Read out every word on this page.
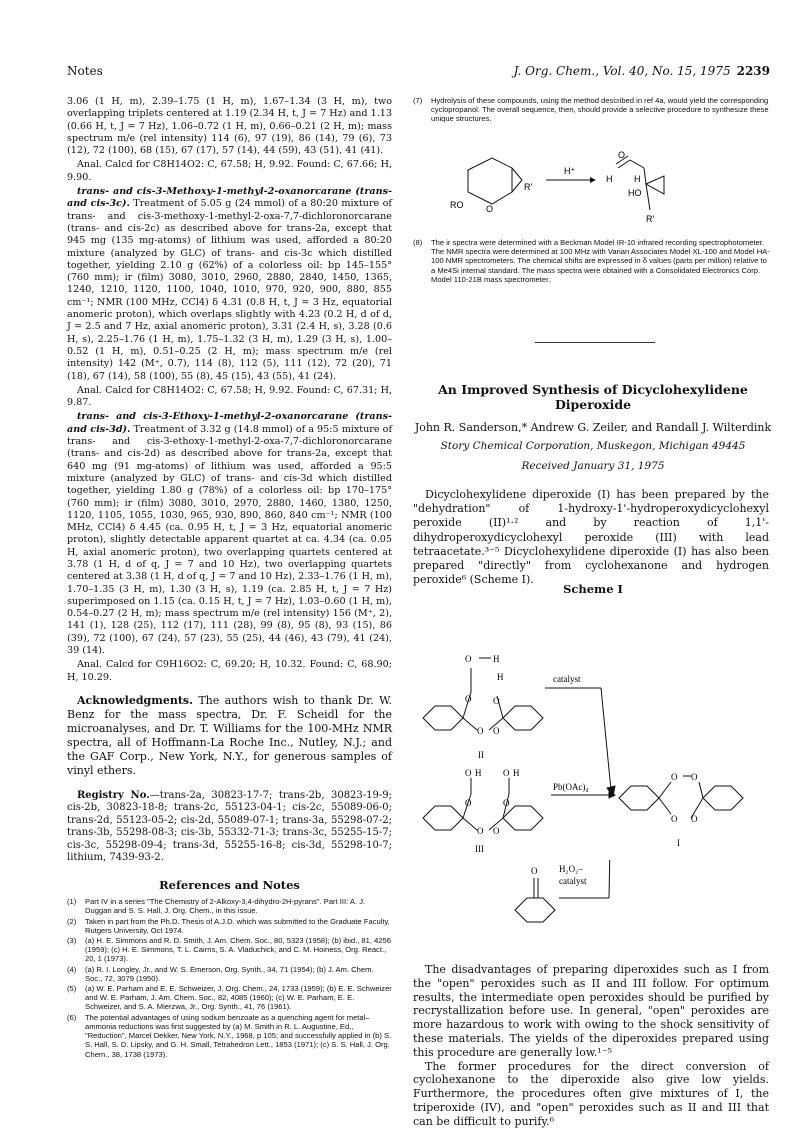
Notes	J. Org. Chem., Vol. 40, No. 15, 1975 2239

3.06 (1 H, m), 2.39–1.75 (1 H, m), 1.67–1.34 (3 H, m), two overlapping triplets centered at 1.19 (2.34 H, t, J = 7 Hz) and 1.13 (0.66 H, t, J = 7 Hz), 1.06–0.72 (1 H, m), 0.66–0.21 (2 H, m); mass spectrum m/e (rel intensity) 114 (6), 97 (19), 86 (14), 79 (6), 73 (12), 72 (100), 68 (15), 67 (17), 57 (14), 44 (59), 43 (51), 41 (41).

Anal. Calcd for C8H14O2: C, 67.58; H, 9.92. Found: C, 67.66; H, 9.90.

trans- and cis-3-Methoxy-1-methyl-2-oxanorcarane (trans- and cis-3c). Treatment of 5.05 g (24 mmol) of a 80:20 mixture of trans- and cis-3-methoxy-1-methyl-2-oxa-7,7-dichloronorcarane (trans- and cis-2c) as described above for trans-2a, except that 945 mg (135 mg-atoms) of lithium was used, afforded a 80:20 mixture (analyzed by GLC) of trans- and cis-3c which distilled together, yielding 2.10 g (62%) of a colorless oil: bp 145–155° (760 mm); ir (film) 3080, 3010, 2960, 2880, 2840, 1450, 1365, 1240, 1210, 1120, 1100, 1040, 1010, 970, 920, 900, 880, 855 cm⁻¹; NMR (100 MHz, CCl4) δ 4.31 (0.8 H, t, J = 3 Hz, equatorial anomeric proton), which overlaps slightly with 4.23 (0.2 H, d of d, J = 2.5 and 7 Hz, axial anomeric proton), 3.31 (2.4 H, s), 3.28 (0.6 H, s), 2.25–1.76 (1 H, m), 1.75–1.32 (3 H, m), 1.29 (3 H, s), 1.00–0.52 (1 H, m), 0.51–0.25 (2 H, m); mass spectrum m/e (rel intensity) 142 (M⁺, 0.7), 114 (8), 112 (5), 111 (12), 72 (20), 71 (18), 67 (14), 58 (100), 55 (8), 45 (15), 43 (55), 41 (24).

Anal. Calcd for C8H14O2: C, 67.58; H, 9.92. Found: C, 67.31; H, 9.87.

trans- and cis-3-Ethoxy-1-methyl-2-oxanorcarane (trans- and cis-3d). Treatment of 3.32 g (14.8 mmol) of a 95:5 mixture of trans- and cis-3-ethoxy-1-methyl-2-oxa-7,7-dichloronorcarane (trans- and cis-2d) as described above for trans-2a, except that 640 mg (91 mg-atoms) of lithium was used, afforded a 95:5 mixture (analyzed by GLC) of trans- and cis-3d which distilled together, yielding 1.80 g (78%) of a colorless oil: bp 170–175° (760 mm); ir (film) 3080, 3010, 2970, 2880, 1460, 1380, 1250, 1120, 1105, 1055, 1030, 965, 930, 890, 860, 840 cm⁻¹; NMR (100 MHz, CCl4) δ 4.45 (ca. 0.95 H, t, J = 3 Hz, equatorial anomeric proton), slightly detectable apparent quartet at ca. 4.34 (ca. 0.05 H, axial anomeric proton), two overlapping quartets centered at 3.78 (1 H, d of q, J = 7 and 10 Hz), two overlapping quartets centered at 3.38 (1 H, d of q, J = 7 and 10 Hz), 2.33–1.76 (1 H, m), 1.70–1.35 (3 H, m), 1.30 (3 H, s), 1.19 (ca. 2.85 H, t, J = 7 Hz) superimposed on 1.15 (ca. 0.15 H, t, J = 7 Hz), 1.03–0.60 (1 H, m), 0.54–0.27 (2 H, m); mass spectrum m/e (rel intensity) 156 (M⁺, 2), 141 (1), 128 (25), 112 (17), 111 (28), 99 (8), 95 (8), 93 (15), 86 (39), 72 (100), 67 (24), 57 (23), 55 (25), 44 (46), 43 (79), 41 (24), 39 (14).

Anal. Calcd for C9H16O2: C, 69.20; H, 10.32. Found: C, 68.90; H, 10.29.

Acknowledgments. The authors wish to thank Dr. W. Benz for the mass spectra, Dr. F. Scheidl for the microanalyses, and Dr. T. Williams for the 100-MHz NMR spectra, all of Hoffmann-La Roche Inc., Nutley, N.J.; and the GAF Corp., New York, N.Y., for generous samples of vinyl ethers.

Registry No.—trans-2a, 30823-17-7; trans-2b, 30823-19-9; cis-2b, 30823-18-8; trans-2c, 55123-04-1; cis-2c, 55089-06-0; trans-2d, 55123-05-2; cis-2d, 55089-07-1; trans-3a, 55298-07-2; trans-3b, 55298-08-3; cis-3b, 55332-71-3; trans-3c, 55255-15-7; cis-3c, 55298-09-4; trans-3d, 55255-16-8; cis-3d, 55298-10-7; lithium, 7439-93-2.

References and Notes
(1)	Part IV in a series "The Chemistry of 2-Alkoxy-3,4-dihydro-2H-pyrans". Part III: A. J. Duggan and S. S. Hall, J. Org. Chem., in this issue.
(2)	Taken in part from the Ph.D. Thesis of A.J.D. which was submitted to the Graduate Faculty, Rutgers University, Oct 1974.
(3)	(a) H. E. Simmons and R. D. Smith, J. Am. Chem. Soc., 80, 5323 (1958); (b) ibid., 81, 4256 (1959); (c) H. E. Simmons, T. L. Cairns, S. A. Vladuchick, and C. M. Hoiness, Org. React., 20, 1 (1973).
(4)	(a) R. I. Longley, Jr., and W. S. Emerson, Org. Synth., 34, 71 (1954); (b) J. Am. Chem. Soc., 72, 3079 (1950).
(5)	(a) W. E. Parham and E. E. Schweizer, J. Org. Chem., 24, 1733 (1959); (b) E. E. Schweizer and W. E. Parham, J. Am. Chem. Soc., 82, 4085 (1960); (c) W. E. Parham, E. E. Schweizer, and S. A. Mierzwa, Jr., Org. Synth., 41, 76 (1961).
(6)	The potential advantages of using sodium benzoate as a quenching agent for metal–ammonia reductions was first suggested by (a) M. Smith in R. L. Augustine, Ed., "Reduction", Marcel Dekker, New York, N.Y., 1968, p 105; and successfully applied in (b) S. S. Hall, S. D. Lipsky, and G. H. Small, Tetrahedron Lett., 1853 (1971); (c) S. S. Hall, J. Org. Chem., 38, 1738 (1973).
(7)	Hydrolysis of these compounds, using the method described in ref 4a, would yield the corresponding cyclopropanol. The overall sequence, then, should provide a selective procedure to synthesize these unique structures.
RO	O
R'
H⁺
H
O
H
HO
R'
(8)	The ir spectra were determined with a Beckman Model IR-10 infrared recording spectrophotometer. The NMR spectra were determined at 100 MHz with Varian Associates Model XL-100 and Model HA-100 NMR spectrometers. The chemical shifts are expressed in δ values (parts per million) relative to a Me4Si internal standard. The mass spectra were obtained with a Consolidated Electronics Corp. Model 110-21B mass spectrometer.
An Improved Synthesis of Dicyclohexylidene Diperoxide
John R. Sanderson,* Andrew G. Zeiler, and Randall J. Wilterdink
Story Chemical Corporation, Muskegon, Michigan 49445
Received January 31, 1975

Dicyclohexylidene diperoxide (I) has been prepared by the "dehydration" of 1-hydroxy-1'-hydroperoxydicyclohexyl peroxide (II)¹·² and by reaction of 1,1'-dihydroperoxydicyclohexyl peroxide (III) with lead tetraacetate.³⁻⁵ Dicyclohexylidene diperoxide (I) has also been prepared "directly" from cyclohexanone and hydrogen peroxide⁶ (Scheme I).

Scheme I
O
O
O O
O
H
H
II
O
O H
O
O H
O O
III
catalyst
Pb(OAc)₄
O O
O O
I
O H₂O₂–
catalyst

The disadvantages of preparing diperoxides such as I from the "open" peroxides such as II and III follow. For optimum results, the intermediate open peroxides should be purified by recrystallization before use. In general, "open" peroxides are more hazardous to work with owing to the shock sensitivity of these materials. The yields of the diperoxides prepared using this procedure are generally low.¹⁻⁵

The former procedures for the direct conversion of cyclohexanone to the diperoxide also give low yields. Furthermore, the procedures often give mixtures of I, the triperoxide (IV), and "open" peroxides such as II and III that can be difficult to purify.⁶
